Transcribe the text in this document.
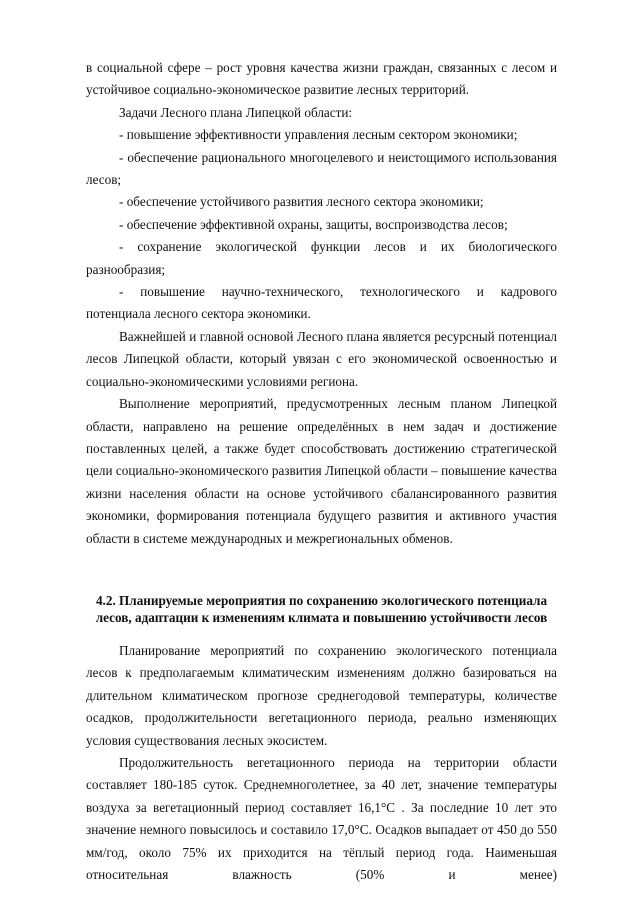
в социальной сфере – рост уровня качества жизни граждан, связанных с лесом и устойчивое социально-экономическое развитие лесных территорий.

Задачи Лесного плана Липецкой области:

- повышение эффективности управления лесным сектором экономики;

- обеспечение рационального многоцелевого и неистощимого использования лесов;

- обеспечение устойчивого развития лесного сектора экономики;

- обеспечение эффективной охраны, защиты, воспроизводства лесов;

- сохранение экологической функции лесов и их биологического разнообразия;

- повышение научно-технического, технологического и кадрового потенциала лесного сектора экономики.

Важнейшей и главной основой Лесного плана является ресурсный потенциал лесов Липецкой области, который увязан с его экономической освоенностью и социально-экономическими условиями региона.

Выполнение мероприятий, предусмотренных лесным планом Липецкой области, направлено на решение определённых в нем задач и достижение поставленных целей, а также будет способствовать достижению стратегической цели социально-экономического развития Липецкой области – повышение качества жизни населения области на основе устойчивого сбалансированного развития экономики, формирования потенциала будущего развития и активного участия области в системе международных и межрегиональных обменов.

4.2. Планируемые мероприятия по сохранению экологического потенциала
лесов, адаптации к изменениям климата и повышению устойчивости лесов

Планирование мероприятий по сохранению экологического потенциала лесов к предполагаемым климатическим изменениям должно базироваться на длительном климатическом прогнозе среднегодовой температуры, количестве осадков, продолжительности вегетационного периода, реально изменяющих условия существования лесных экосистем.

Продолжительность вегетационного периода на территории области составляет 180-185 суток. Среднемноголетнее, за 40 лет, значение температуры воздуха за вегетационный период составляет 16,1°С . За последние 10 лет это значение немного повысилось и составило 17,0°С. Осадков выпадает от 450 до 550 мм/год, около 75% их приходится на тёплый период года. Наименьшая относительная влажность (50% и менее)
